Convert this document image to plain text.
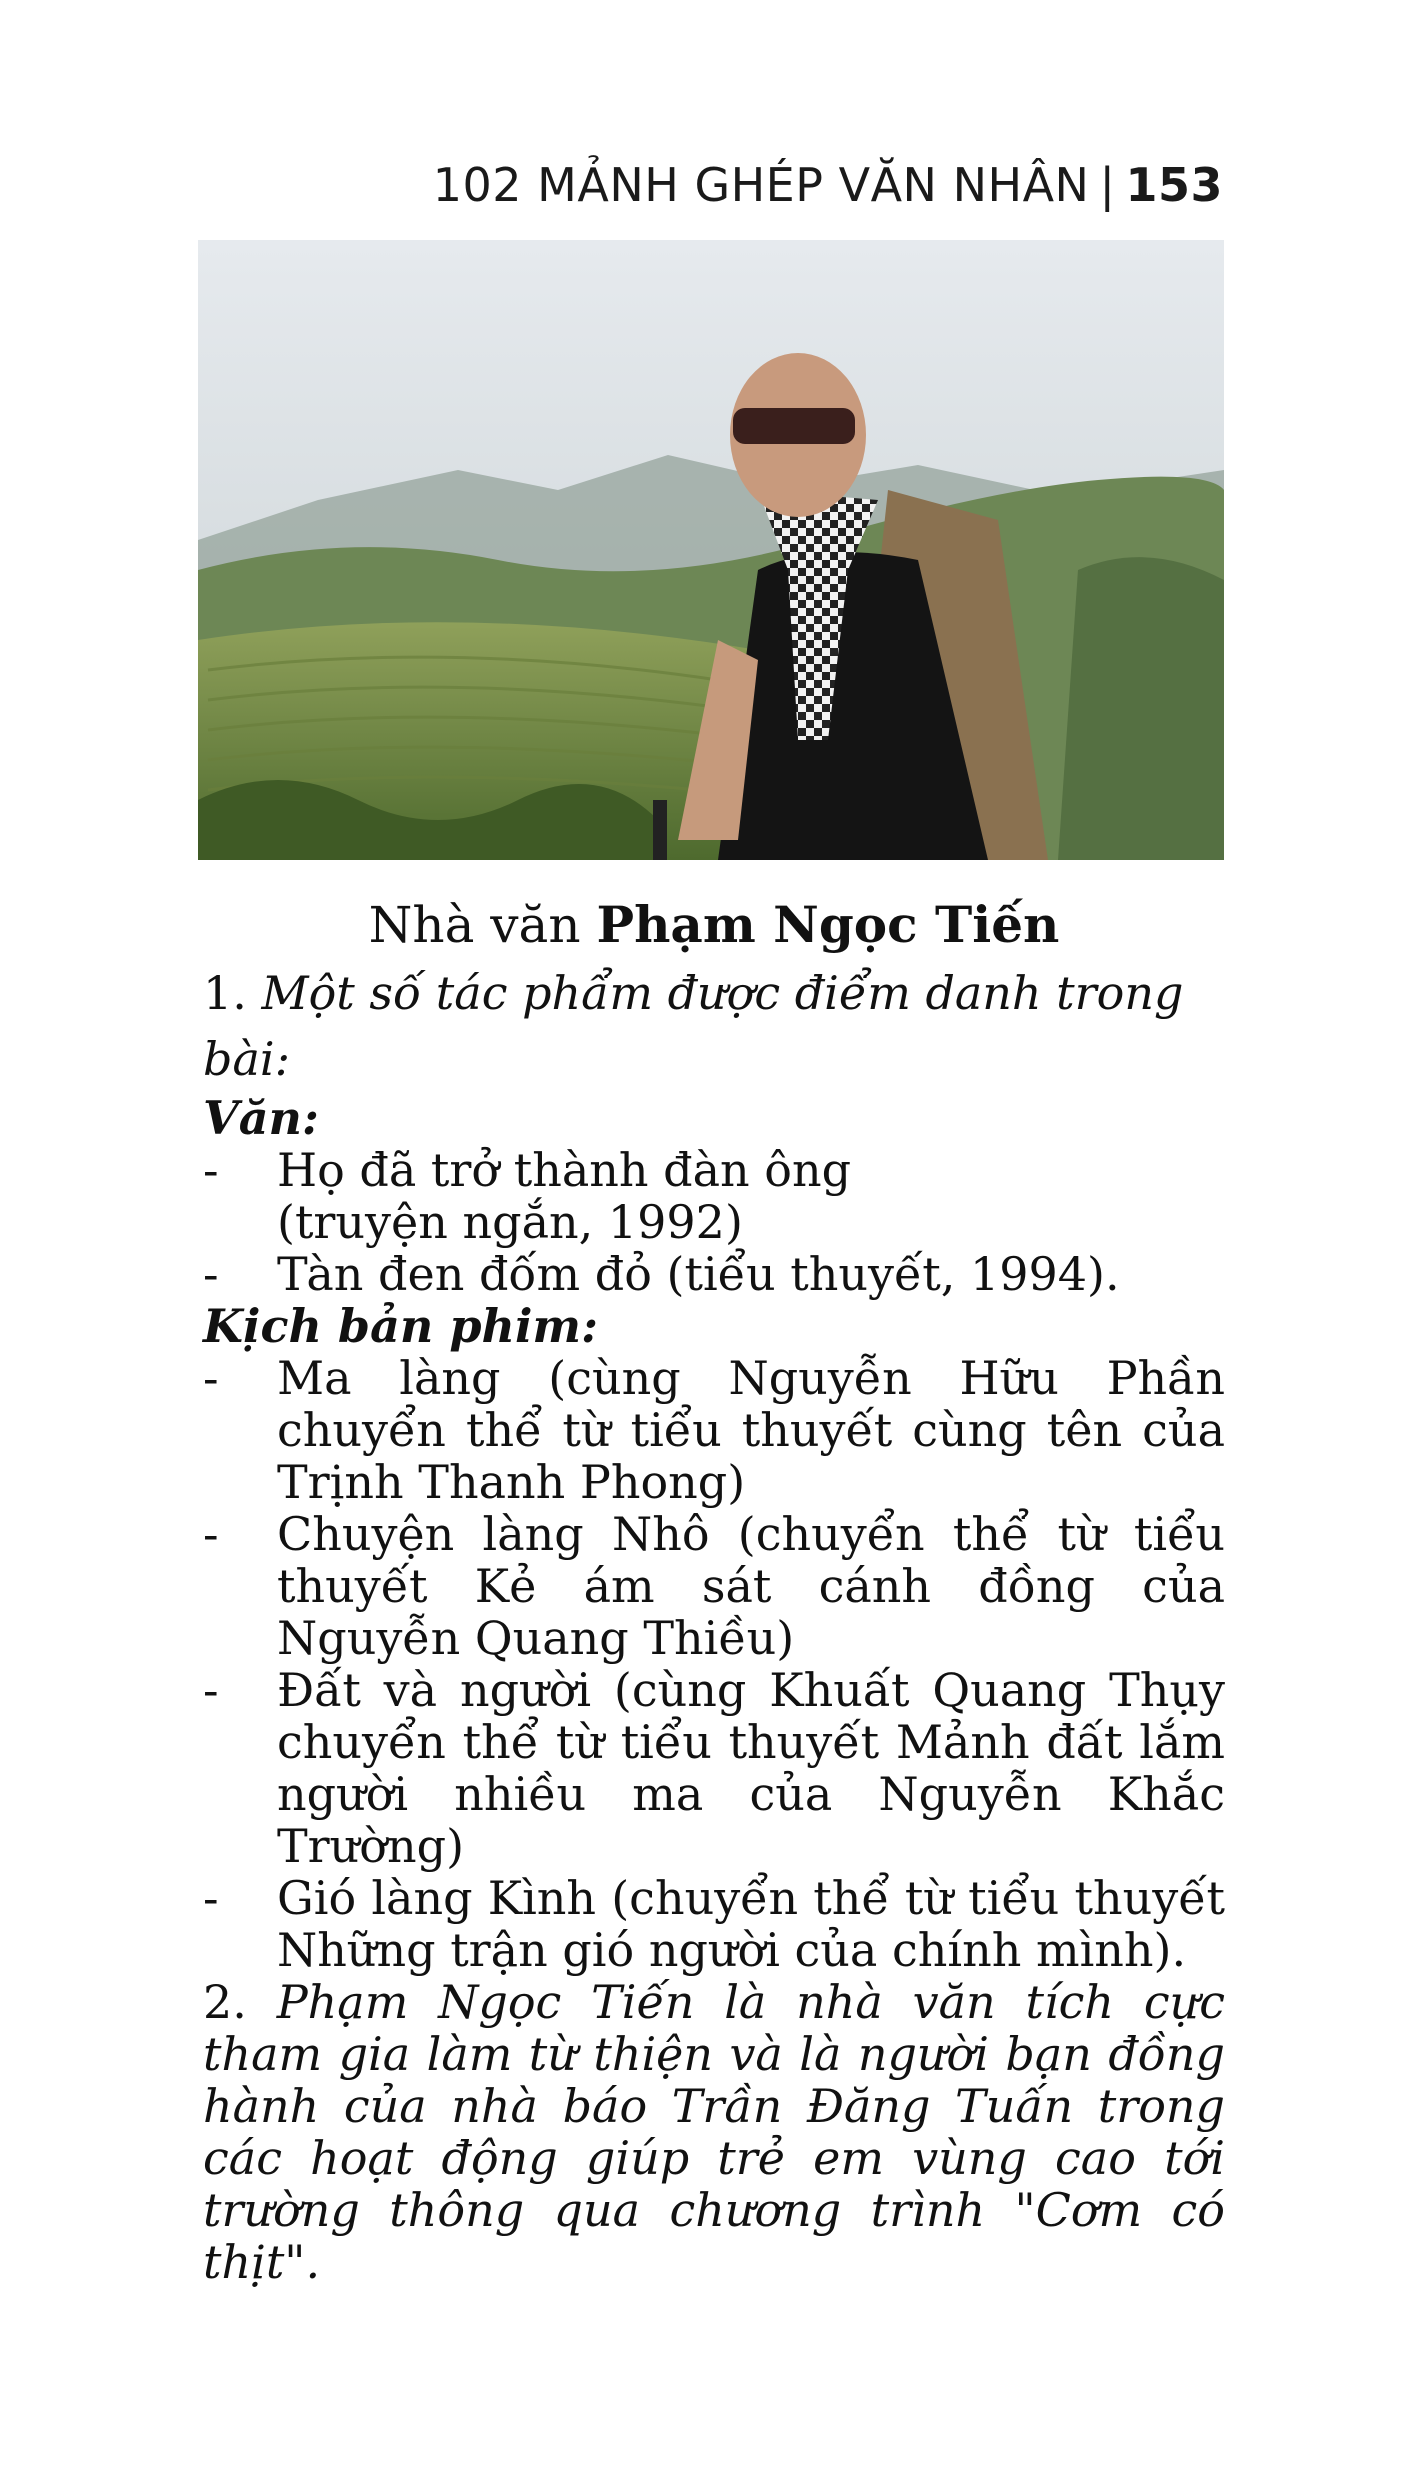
102 MẢNH GHÉP VĂN NHÂN | 153
Nhà văn Phạm Ngọc Tiến
1. Một số tác phẩm được điểm danh trong bài:
Văn:
-	Họ đã trở thành đàn ông
(truyện ngắn, 1992)
-	Tàn đen đốm đỏ (tiểu thuyết, 1994).
Kịch bản phim:
-	Ma làng (cùng Nguyễn Hữu Phần chuyển thể từ tiểu thuyết cùng tên của Trịnh Thanh Phong)
-	Chuyện làng Nhô (chuyển thể từ tiểu thuyết Kẻ ám sát cánh đồng của Nguyễn Quang Thiều)
-	Đất và người (cùng Khuất Quang Thụy chuyển thể từ tiểu thuyết Mảnh đất lắm người nhiều ma của Nguyễn Khắc Trường)
-	Gió làng Kình (chuyển thể từ tiểu thuyết Những trận gió người của chính mình).
2. Phạm Ngọc Tiến là nhà văn tích cực tham gia làm từ thiện và là người bạn đồng hành của nhà báo Trần Đăng Tuấn trong các hoạt động giúp trẻ em vùng cao tới trường thông qua chương trình "Cơm có thịt".
